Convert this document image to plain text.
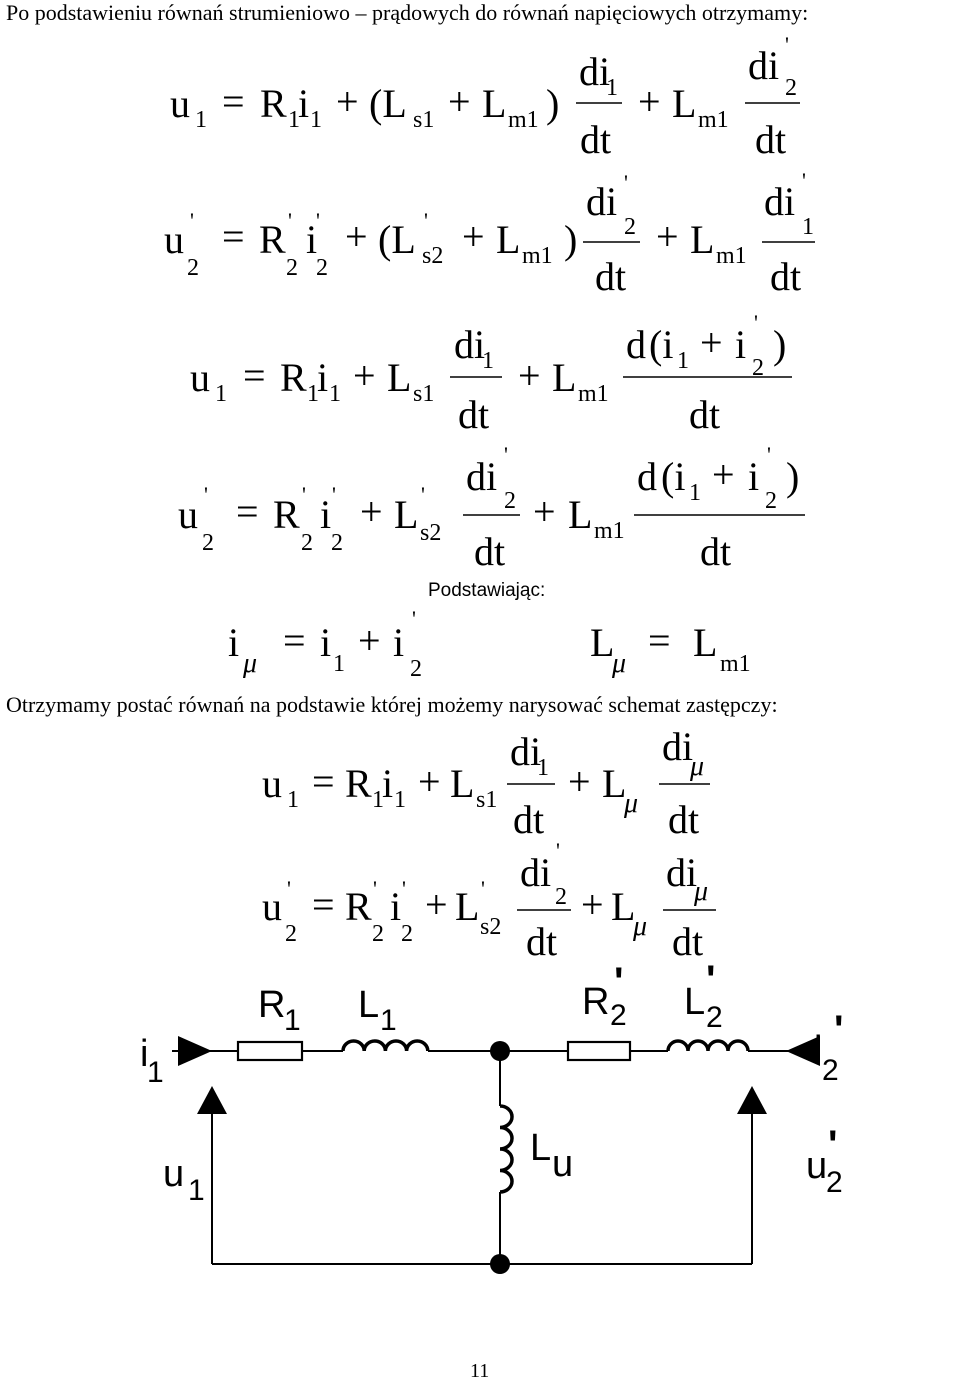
Po podstawieniu równań strumieniowo – prądowych do równań napięciowych otrzymamy:
u 1 = R 1
i 1 + (L s1 + L m1 )
di
1
dt
+ L m1
di '
2
dt
u '
2
= R '
2
i
'
2
+ (L '
s2 + L m1 )
di '
2
dt
+ L m1
di '
1
dt
u 1 = R 1
i 1 + L s1
di
1
dt
+ L m1
d (i 1 + i '
2
)
dt
u '
2
= R '
2
i '
2
+ L '
s2
di '
2
dt
+ L m1
d (i 1 + i '
2
)
dt
Podstawiając:
i μ
= i 1
+ i
'
2
L
μ
= L m1
Otrzymamy postać równań na podstawie której możemy narysować schemat zastępczy:
u 1 = R 1
i 1 + L s1
di
1
dt
+ L
μ
di
μ
dt
u '
2
= R '
2
i '
2
+ L '
s2
di '
2
dt
+ L
μ
di
μ
dt
R
1 L 1	R '
2 L '
2
i
1
i '
2
u 1
u '
2
L u
11
